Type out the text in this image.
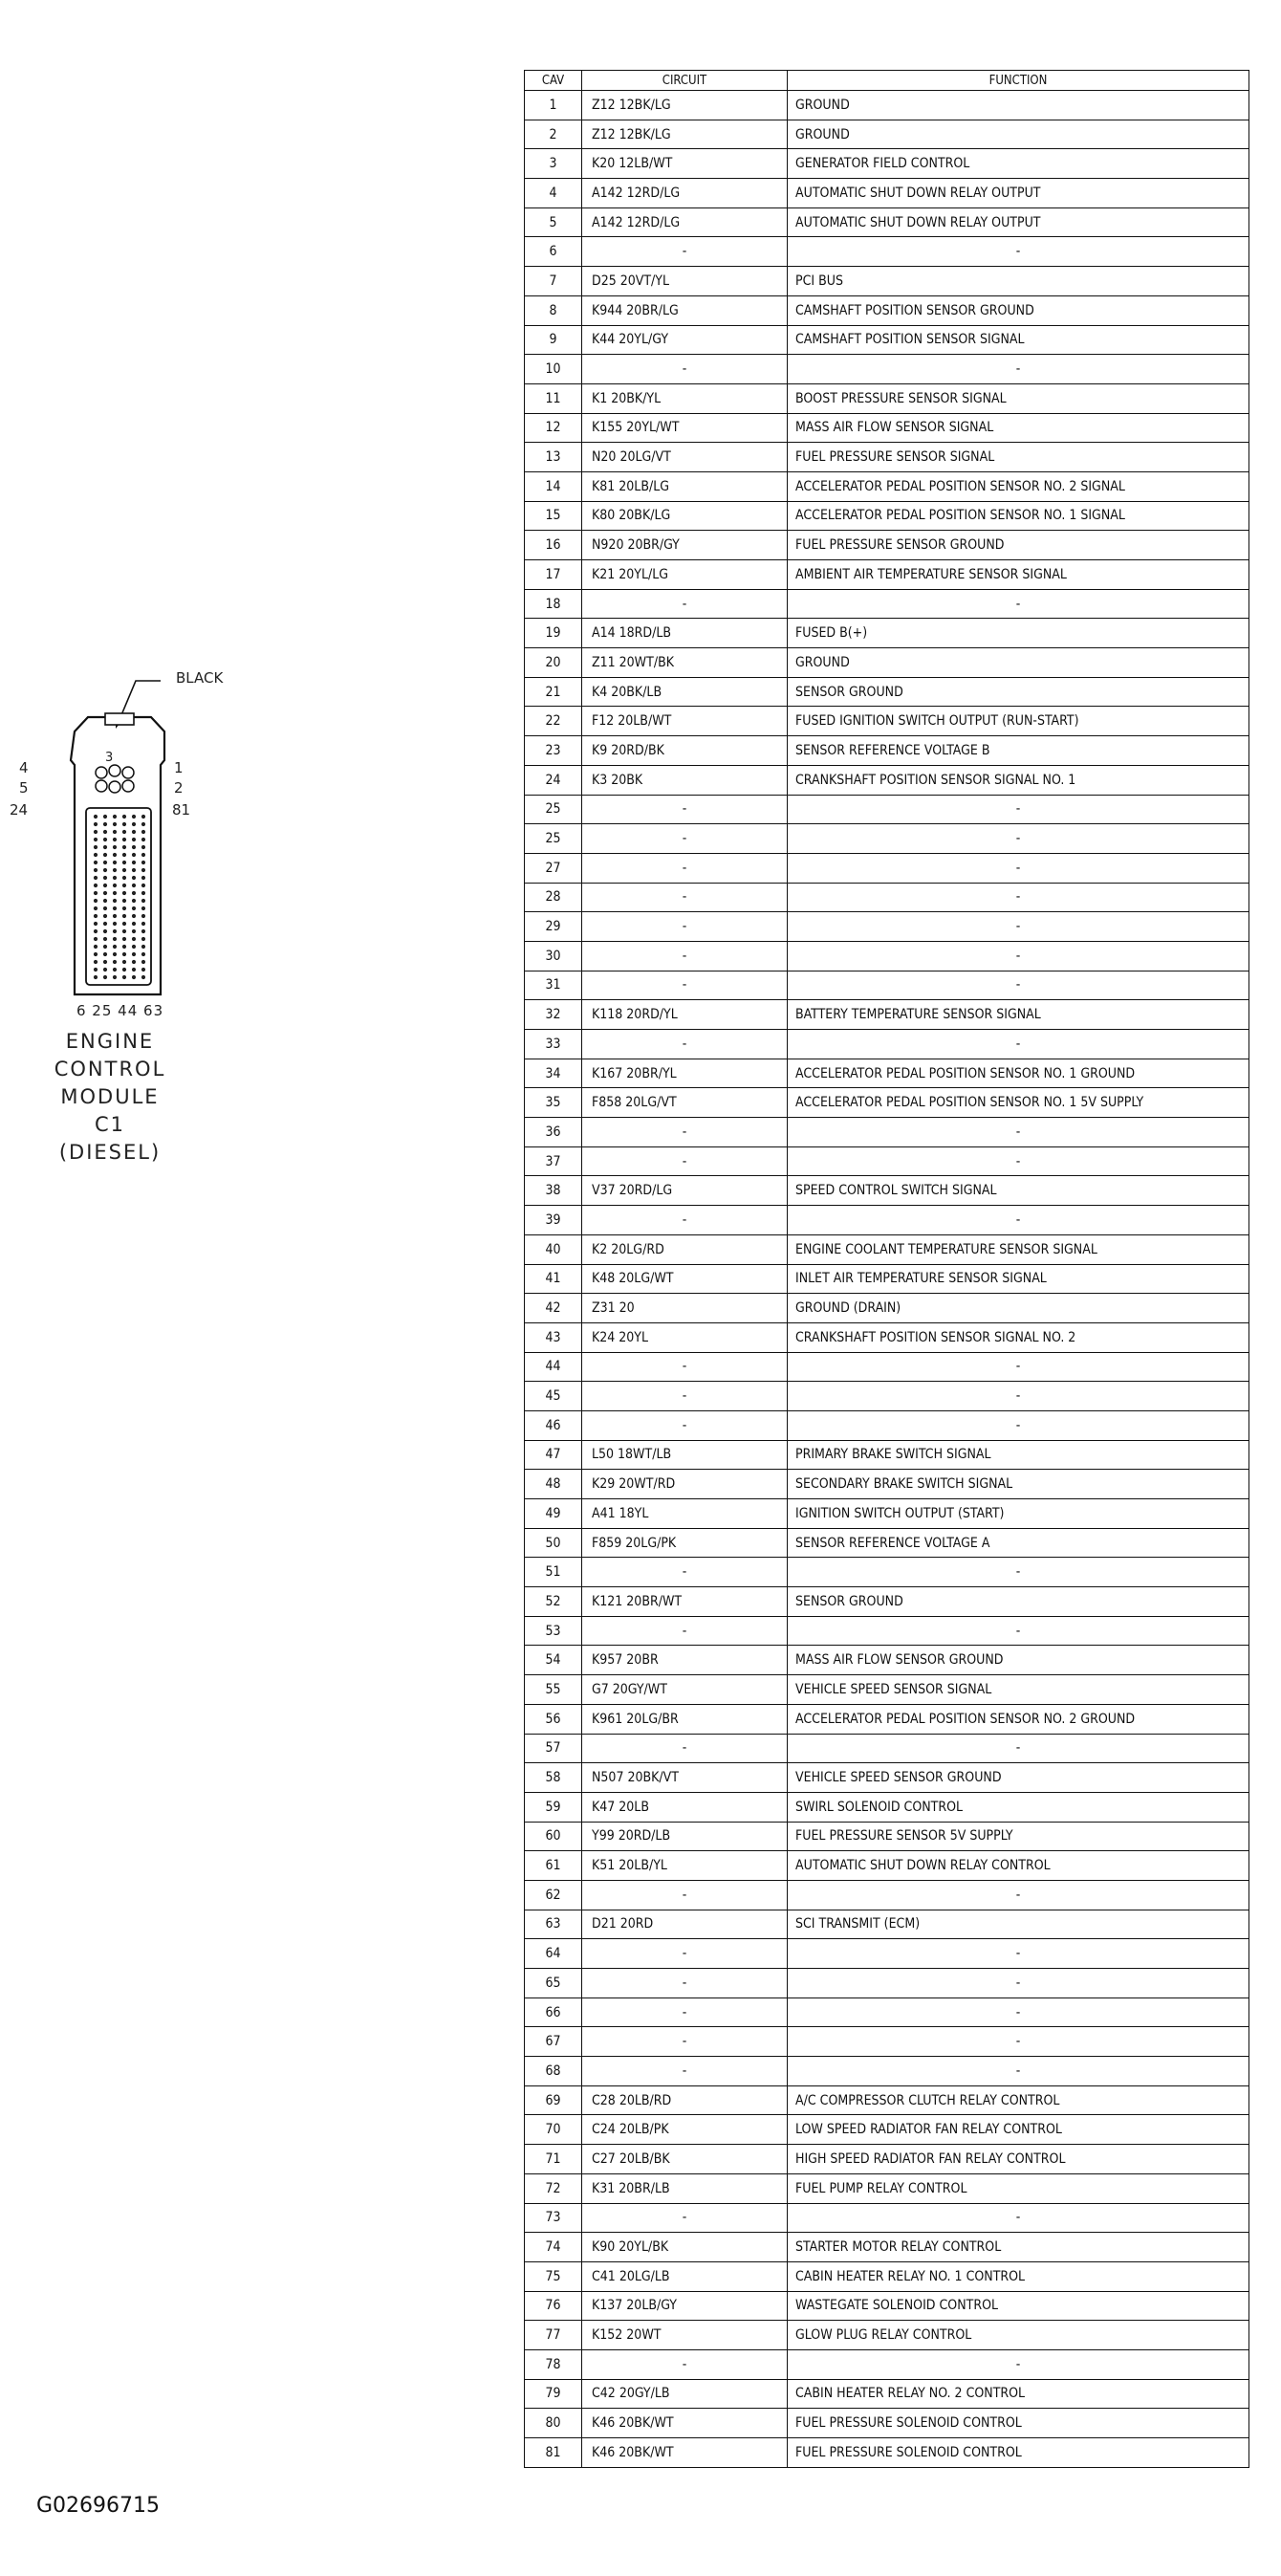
BLACK
4
5
24
1
2
81
3
6 25 44 63
ENGINE
CONTROL
MODULE
C1
(DIESEL)
CAV	CIRCUIT	FUNCTION
1	Z12 12BK/LG	GROUND
2	Z12 12BK/LG	GROUND
3	K20 12LB/WT	GENERATOR FIELD CONTROL
4	A142 12RD/LG	AUTOMATIC SHUT DOWN RELAY OUTPUT
5	A142 12RD/LG	AUTOMATIC SHUT DOWN RELAY OUTPUT
6	-	-
7	D25 20VT/YL	PCI BUS
8	K944 20BR/LG	CAMSHAFT POSITION SENSOR GROUND
9	K44 20YL/GY	CAMSHAFT POSITION SENSOR SIGNAL
10	-	-
11	K1 20BK/YL	BOOST PRESSURE SENSOR SIGNAL
12	K155 20YL/WT	MASS AIR FLOW SENSOR SIGNAL
13	N20 20LG/VT	FUEL PRESSURE SENSOR SIGNAL
14	K81 20LB/LG	ACCELERATOR PEDAL POSITION SENSOR NO. 2 SIGNAL
15	K80 20BK/LG	ACCELERATOR PEDAL POSITION SENSOR NO. 1 SIGNAL
16	N920 20BR/GY	FUEL PRESSURE SENSOR GROUND
17	K21 20YL/LG	AMBIENT AIR TEMPERATURE SENSOR SIGNAL
18	-	-
19	A14 18RD/LB	FUSED B(+)
20	Z11 20WT/BK	GROUND
21	K4 20BK/LB	SENSOR GROUND
22	F12 20LB/WT	FUSED IGNITION SWITCH OUTPUT (RUN-START)
23	K9 20RD/BK	SENSOR REFERENCE VOLTAGE B
24	K3 20BK	CRANKSHAFT POSITION SENSOR SIGNAL NO. 1
25	-	-
25	-	-
27	-	-
28	-	-
29	-	-
30	-	-
31	-	-
32	K118 20RD/YL	BATTERY TEMPERATURE SENSOR SIGNAL
33	-	-
34	K167 20BR/YL	ACCELERATOR PEDAL POSITION SENSOR NO. 1 GROUND
35	F858 20LG/VT	ACCELERATOR PEDAL POSITION SENSOR NO. 1 5V SUPPLY
36	-	-
37	-	-
38	V37 20RD/LG	SPEED CONTROL SWITCH SIGNAL
39	-	-
40	K2 20LG/RD	ENGINE COOLANT TEMPERATURE SENSOR SIGNAL
41	K48 20LG/WT	INLET AIR TEMPERATURE SENSOR SIGNAL
42	Z31 20	GROUND (DRAIN)
43	K24 20YL	CRANKSHAFT POSITION SENSOR SIGNAL NO. 2
44	-	-
45	-	-
46	-	-
47	L50 18WT/LB	PRIMARY BRAKE SWITCH SIGNAL
48	K29 20WT/RD	SECONDARY BRAKE SWITCH SIGNAL
49	A41 18YL	IGNITION SWITCH OUTPUT (START)
50	F859 20LG/PK	SENSOR REFERENCE VOLTAGE A
51	-	-
52	K121 20BR/WT	SENSOR GROUND
53	-	-
54	K957 20BR	MASS AIR FLOW SENSOR GROUND
55	G7 20GY/WT	VEHICLE SPEED SENSOR SIGNAL
56	K961 20LG/BR	ACCELERATOR PEDAL POSITION SENSOR NO. 2 GROUND
57	-	-
58	N507 20BK/VT	VEHICLE SPEED SENSOR GROUND
59	K47 20LB	SWIRL SOLENOID CONTROL
60	Y99 20RD/LB	FUEL PRESSURE SENSOR 5V SUPPLY
61	K51 20LB/YL	AUTOMATIC SHUT DOWN RELAY CONTROL
62	-	-
63	D21 20RD	SCI TRANSMIT (ECM)
64	-	-
65	-	-
66	-	-
67	-	-
68	-	-
69	C28 20LB/RD	A/C COMPRESSOR CLUTCH RELAY CONTROL
70	C24 20LB/PK	LOW SPEED RADIATOR FAN RELAY CONTROL
71	C27 20LB/BK	HIGH SPEED RADIATOR FAN RELAY CONTROL
72	K31 20BR/LB	FUEL PUMP RELAY CONTROL
73	-	-
74	K90 20YL/BK	STARTER MOTOR RELAY CONTROL
75	C41 20LG/LB	CABIN HEATER RELAY NO. 1 CONTROL
76	K137 20LB/GY	WASTEGATE SOLENOID CONTROL
77	K152 20WT	GLOW PLUG RELAY CONTROL
78	-	-
79	C42 20GY/LB	CABIN HEATER RELAY NO. 2 CONTROL
80	K46 20BK/WT	FUEL PRESSURE SOLENOID CONTROL
81	K46 20BK/WT	FUEL PRESSURE SOLENOID CONTROL
G02696715
